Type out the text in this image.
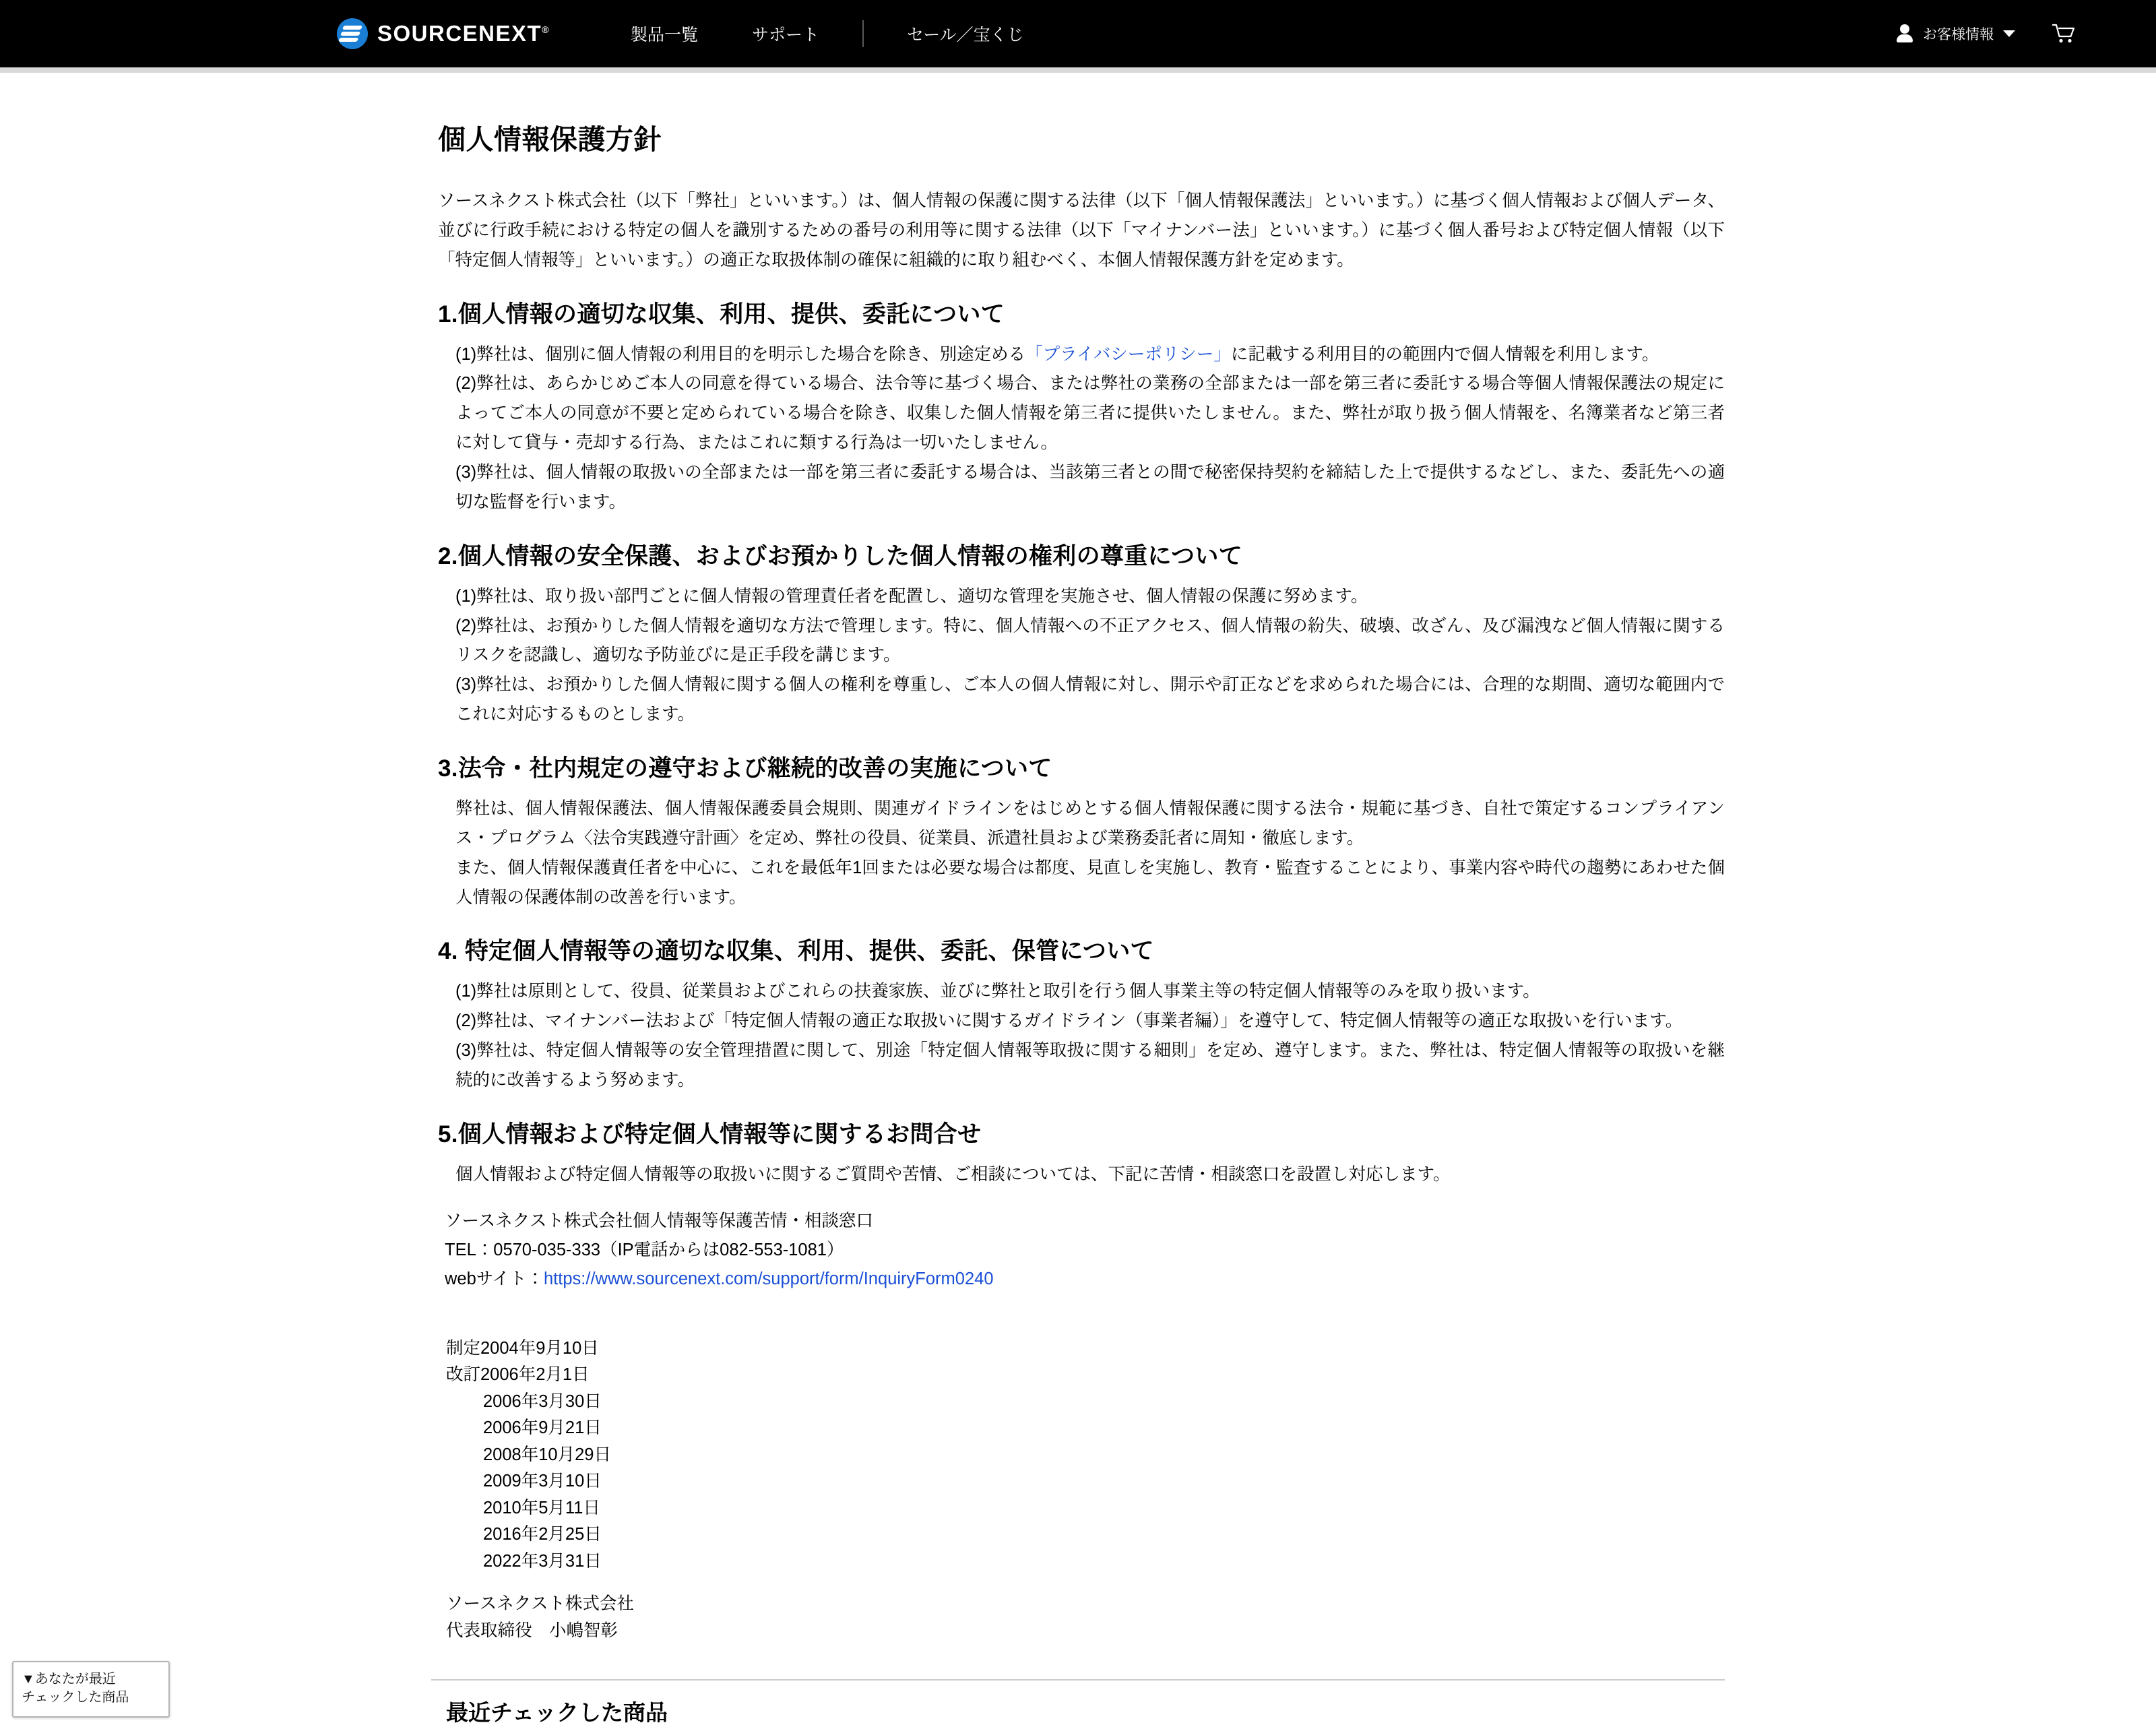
SOURCENEXT®	製品一覧	サポート	セール／宝くじ	お客様情報
個人情報保護方針

ソースネクスト株式会社（以下「弊社」といいます。）は、個人情報の保護に関する法律（以下「個人情報保護法」といいます。）に基づく個人情報および個人データ、並びに行政手続における特定の個人を識別するための番号の利用等に関する法律（以下「マイナンバー法」といいます。）に基づく個人番号および特定個人情報（以下「特定個人情報等」といいます。）の適正な取扱体制の確保に組織的に取り組むべく、本個人情報保護方針を定めます。

1.個人情報の適切な収集、利用、提供、委託について

(1)弊社は、個別に個人情報の利用目的を明示した場合を除き、別途定める「プライバシーポリシー」に記載する利用目的の範囲内で個人情報を利用します。

(2)弊社は、あらかじめご本人の同意を得ている場合、法令等に基づく場合、または弊社の業務の全部または一部を第三者に委託する場合等個人情報保護法の規定によってご本人の同意が不要と定められている場合を除き、収集した個人情報を第三者に提供いたしません。また、弊社が取り扱う個人情報を、名簿業者など第三者に対して貸与・売却する行為、またはこれに類する行為は一切いたしません。

(3)弊社は、個人情報の取扱いの全部または一部を第三者に委託する場合は、当該第三者との間で秘密保持契約を締結した上で提供するなどし、また、委託先への適切な監督を行います。

2.個人情報の安全保護、およびお預かりした個人情報の権利の尊重について

(1)弊社は、取り扱い部門ごとに個人情報の管理責任者を配置し、適切な管理を実施させ、個人情報の保護に努めます。

(2)弊社は、お預かりした個人情報を適切な方法で管理します。特に、個人情報への不正アクセス、個人情報の紛失、破壊、改ざん、及び漏洩など個人情報に関するリスクを認識し、適切な予防並びに是正手段を講じます。

(3)弊社は、お預かりした個人情報に関する個人の権利を尊重し、ご本人の個人情報に対し、開示や訂正などを求められた場合には、合理的な期間、適切な範囲内でこれに対応するものとします。

3.法令・社内規定の遵守および継続的改善の実施について

弊社は、個人情報保護法、個人情報保護委員会規則、関連ガイドラインをはじめとする個人情報保護に関する法令・規範に基づき、自社で策定するコンプライアンス・プログラム〈法令実践遵守計画〉を定め、弊社の役員、従業員、派遣社員および業務委託者に周知・徹底します。

また、個人情報保護責任者を中心に、これを最低年1回または必要な場合は都度、見直しを実施し、教育・監査することにより、事業内容や時代の趨勢にあわせた個人情報の保護体制の改善を行います。

4. 特定個人情報等の適切な収集、利用、提供、委託、保管について

(1)弊社は原則として、役員、従業員およびこれらの扶養家族、並びに弊社と取引を行う個人事業主等の特定個人情報等のみを取り扱います。

(2)弊社は、マイナンバー法および「特定個人情報の適正な取扱いに関するガイドライン（事業者編）」を遵守して、特定個人情報等の適正な取扱いを行います。

(3)弊社は、特定個人情報等の安全管理措置に関して、別途「特定個人情報等取扱に関する細則」を定め、遵守します。また、弊社は、特定個人情報等の取扱いを継続的に改善するよう努めます。

5.個人情報および特定個人情報等に関するお問合せ

個人情報および特定個人情報等の取扱いに関するご質問や苦情、ご相談については、下記に苦情・相談窓口を設置し対応します。

ソースネクスト株式会社個人情報等保護苦情・相談窓口
TEL：0570-035-333（IP電話からは082-553-1081）
webサイト：https://www.sourcenext.com/support/form/InquiryForm0240
制定2004年9月10日
改訂2006年2月1日
2006年3月30日
2006年9月21日
2008年10月29日
2009年3月10日
2010年5月11日
2016年2月25日
2022年3月31日
ソースネクスト株式会社
代表取締役　小嶋智彰
最近チェックした商品
▼あなたが最近
チェックした商品
